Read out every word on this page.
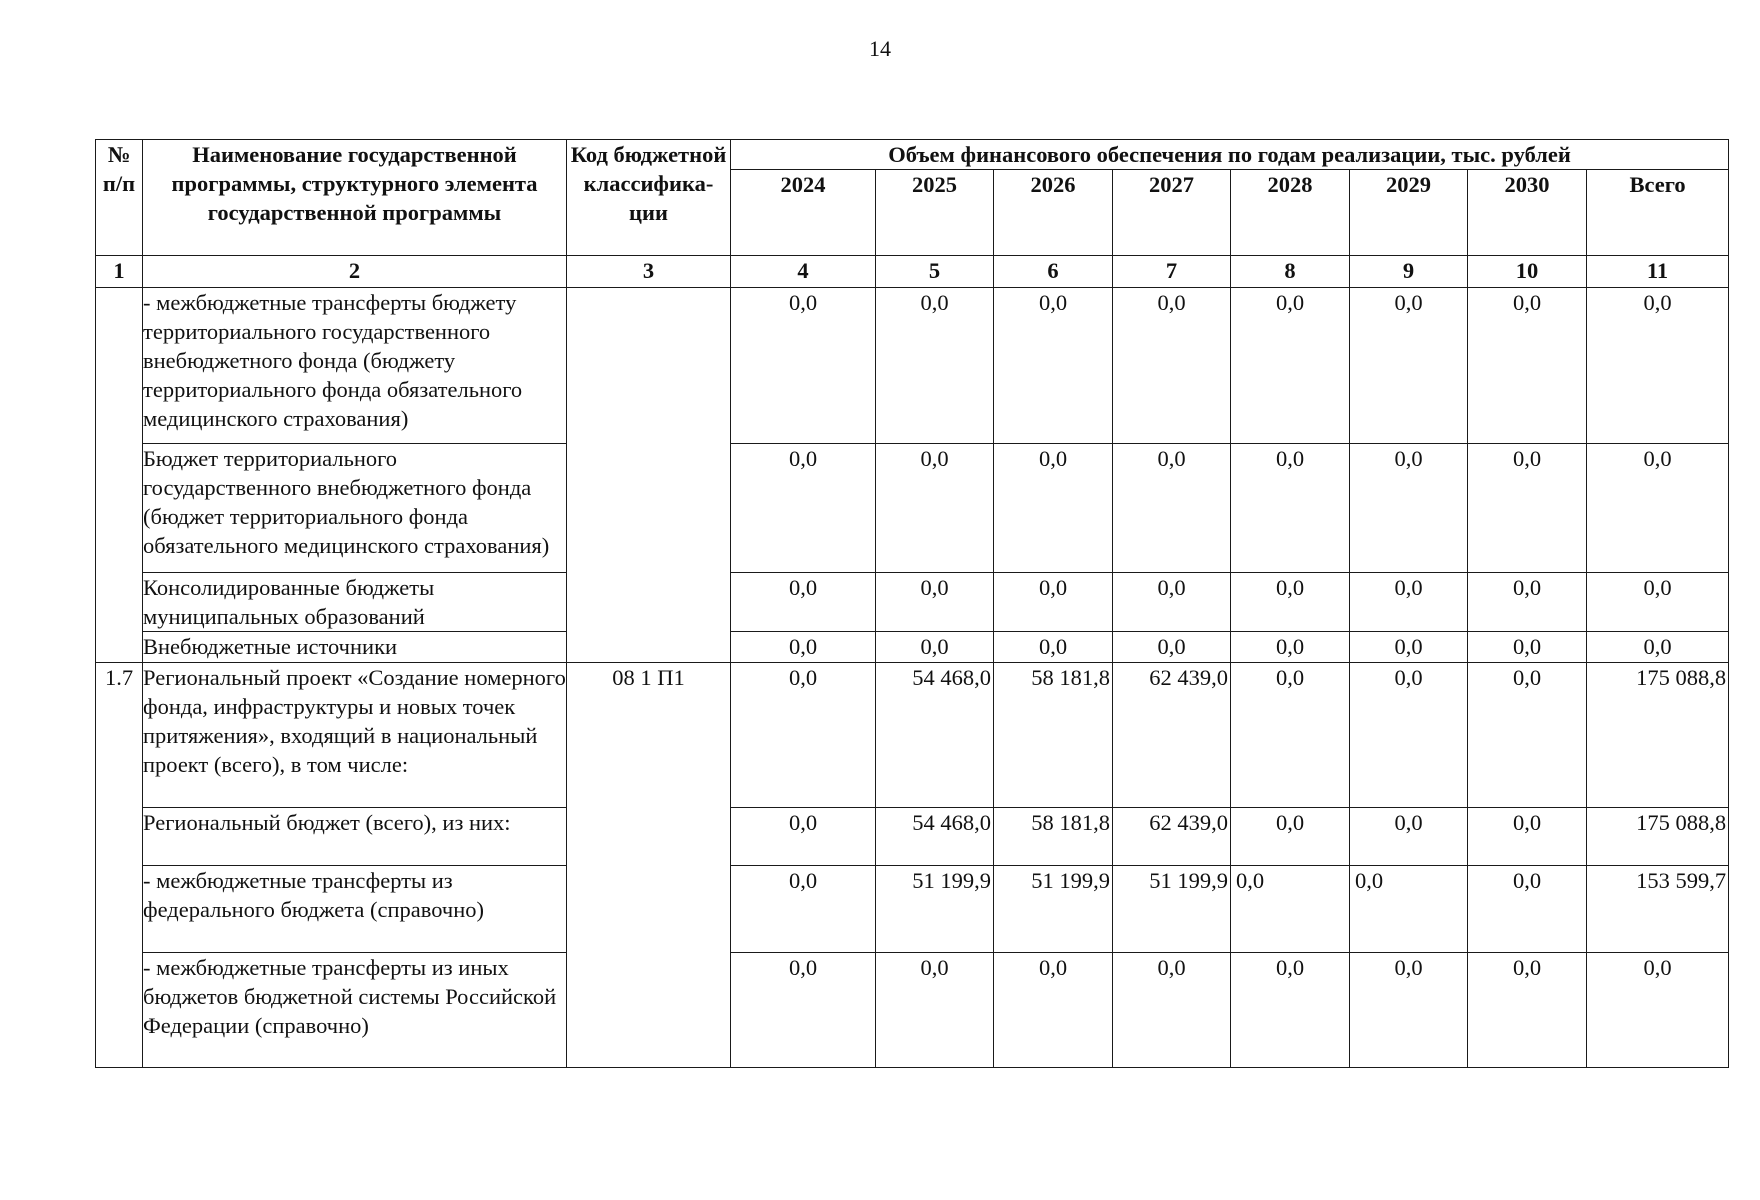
14
№ п/п	Наименование государственной программы, структурного элемента государственной программы	Код бюджетной классифика-ции	Объем финансового обеспечения по годам реализации, тыс. рублей							
			2024	2025	2026	2027	2028	2029	2030	Всего
1	2	3	4	5	6	7	8	9	10	11
	- межбюджетные трансферты бюджету территориального государственного внебюджетного фонда (бюджету территориального фонда обязательного медицинского страхования)		0,0	0,0	0,0	0,0	0,0	0,0	0,0	0,0
	Бюджет территориального государственного внебюджетного фонда (бюджет территориального фонда обязательного медицинского страхования)		0,0	0,0	0,0	0,0	0,0	0,0	0,0	0,0
	Консолидированные бюджеты муниципальных образований		0,0	0,0	0,0	0,0	0,0	0,0	0,0	0,0
	Внебюджетные источники		0,0	0,0	0,0	0,0	0,0	0,0	0,0	0,0
1.7	Региональный проект «Создание номерного фонда, инфраструктуры и новых точек притяжения», входящий в национальный проект (всего), в том числе:	08 1 П1	0,0	54 468,0	58 181,8	62 439,0	0,0	0,0	0,0	175 088,8
	Региональный бюджет (всего), из них:		0,0	54 468,0	58 181,8	62 439,0	0,0	0,0	0,0	175 088,8
	- межбюджетные трансферты из федерального бюджета (справочно)		0,0	51 199,9	51 199,9	51 199,9	0,0	0,0	0,0	153 599,7
	- межбюджетные трансферты из иных бюджетов бюджетной системы Российской Федерации (справочно)		0,0	0,0	0,0	0,0	0,0	0,0	0,0	0,0
